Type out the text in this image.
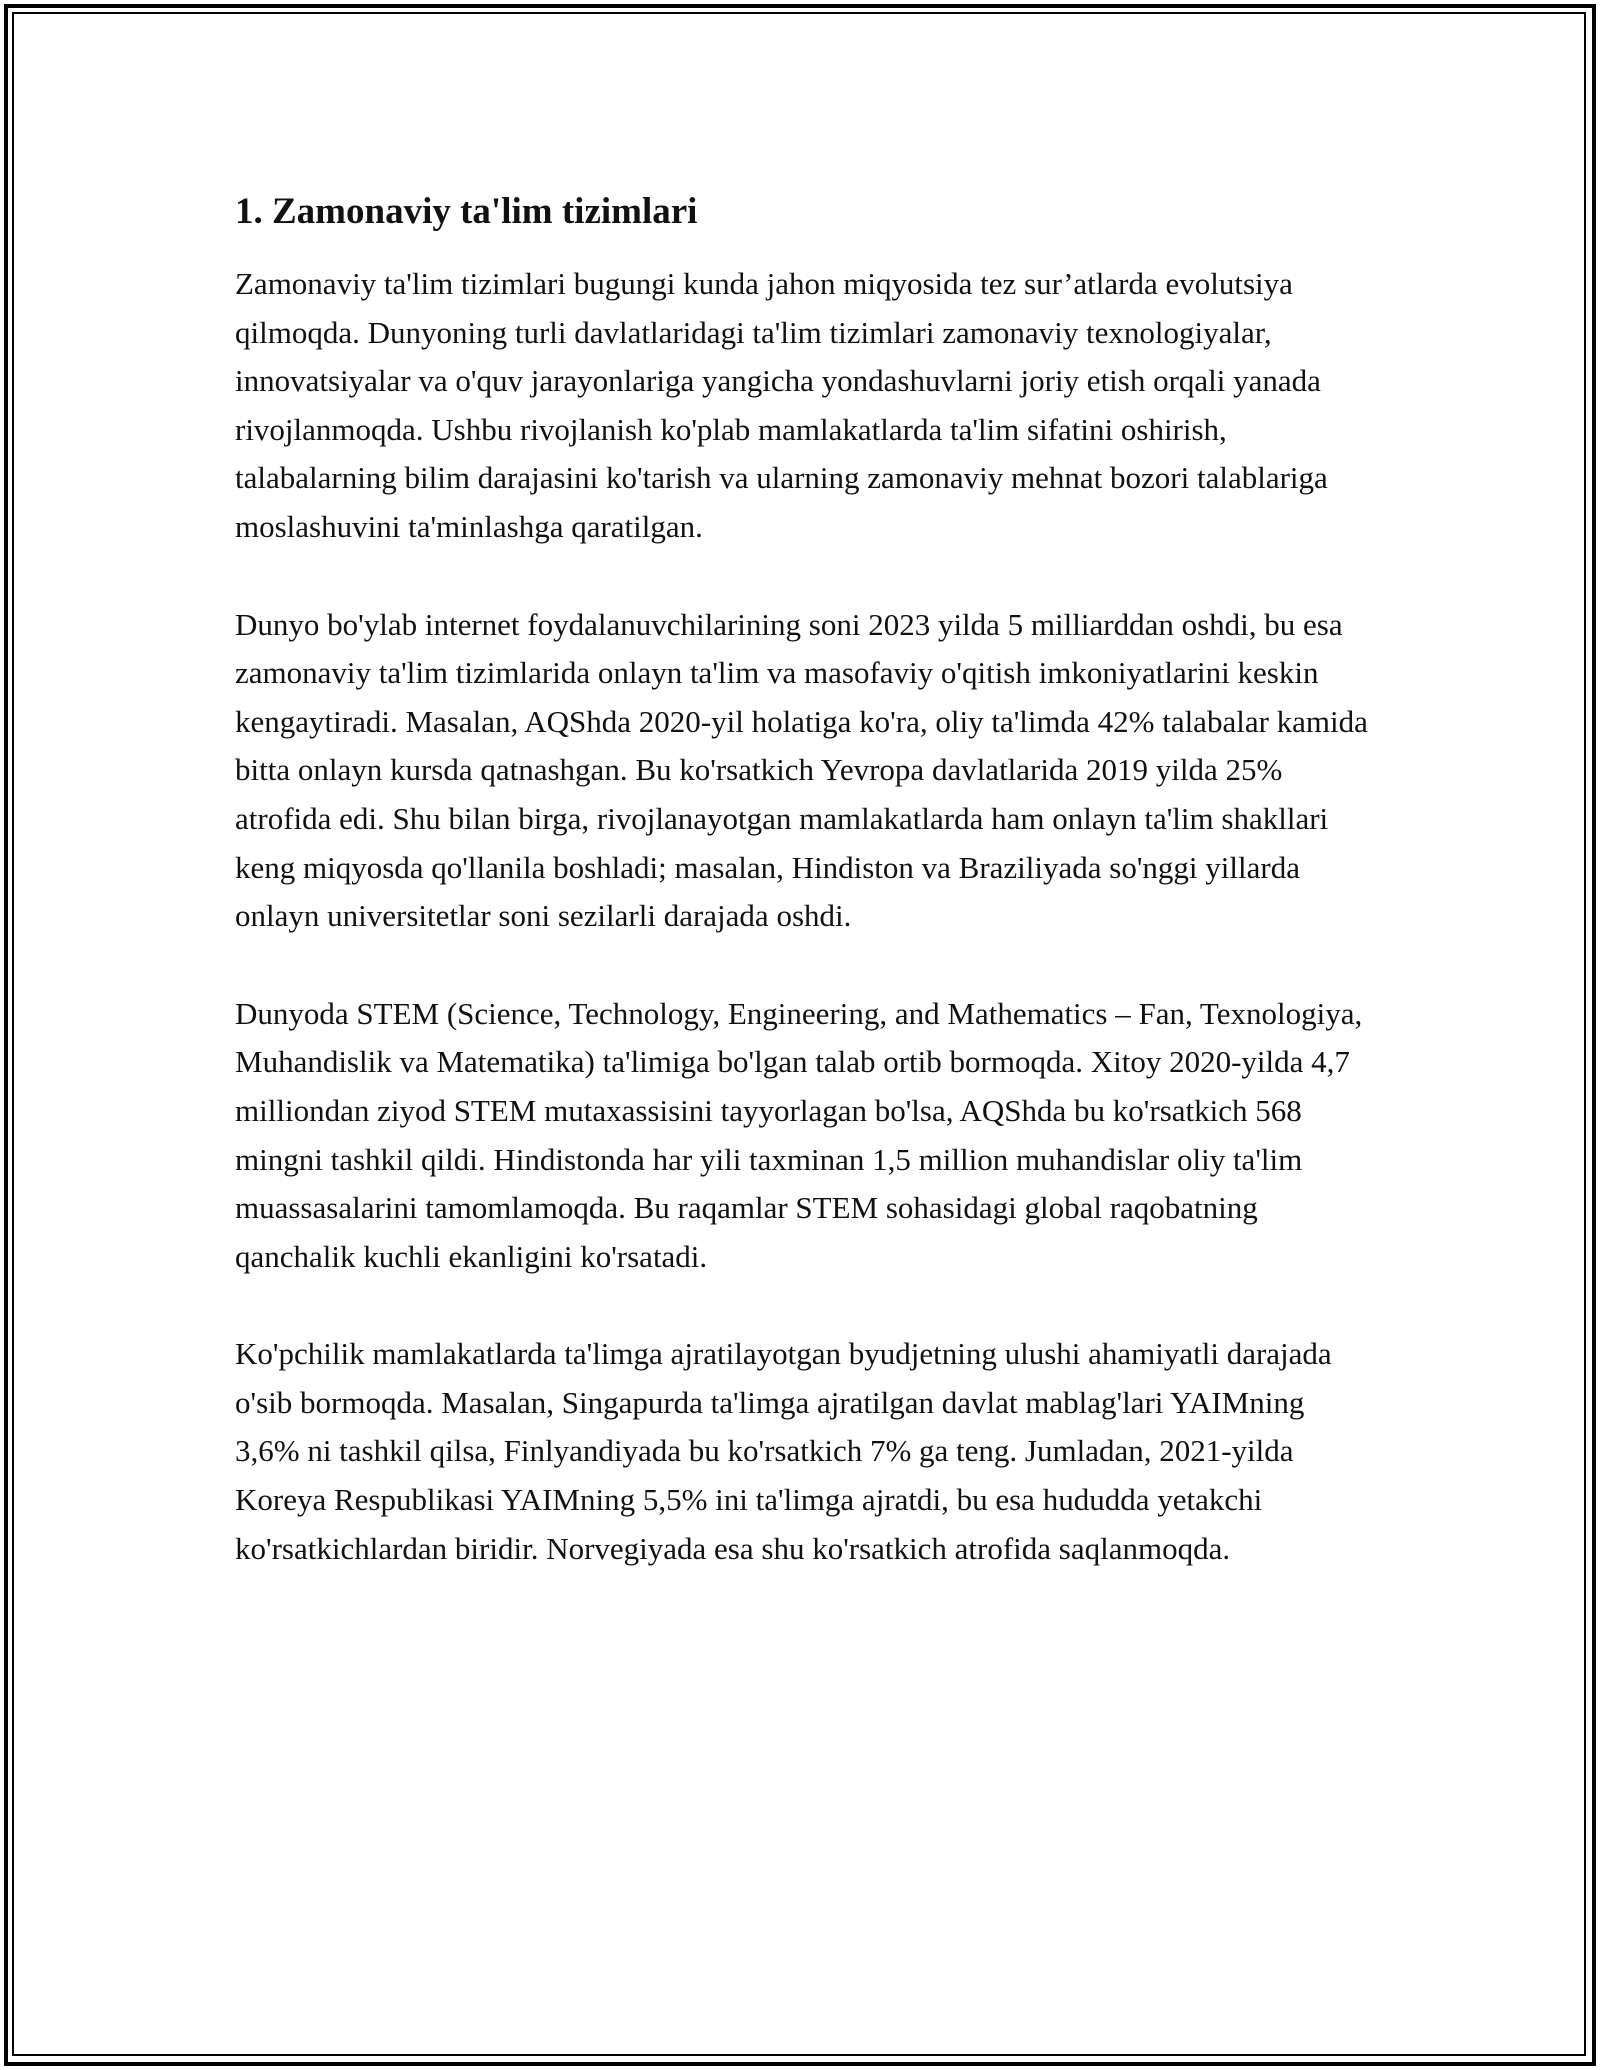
1. Zamonaviy ta'lim tizimlari

Zamonaviy ta'lim tizimlari bugungi kunda jahon miqyosida tez sur’atlarda evolutsiya qilmoqda. Dunyoning turli davlatlaridagi ta'lim tizimlari zamonaviy texnologiyalar, innovatsiyalar va o'quv jarayonlariga yangicha yondashuvlarni joriy etish orqali yanada rivojlanmoqda. Ushbu rivojlanish ko'plab mamlakatlarda ta'lim sifatini oshirish, talabalarning bilim darajasini ko'tarish va ularning zamonaviy mehnat bozori talablariga moslashuvini ta'minlashga qaratilgan.

Dunyo bo'ylab internet foydalanuvchilarining soni 2023 yilda 5 milliarddan oshdi, bu esa zamonaviy ta'lim tizimlarida onlayn ta'lim va masofaviy o'qitish imkoniyatlarini keskin kengaytiradi. Masalan, AQShda 2020-yil holatiga ko'ra, oliy ta'limda 42% talabalar kamida bitta onlayn kursda qatnashgan. Bu ko'rsatkich Yevropa davlatlarida 2019 yilda 25% atrofida edi. Shu bilan birga, rivojlanayotgan mamlakatlarda ham onlayn ta'lim shakllari keng miqyosda qo'llanila boshladi; masalan, Hindiston va Braziliyada so'nggi yillarda onlayn universitetlar soni sezilarli darajada oshdi.

Dunyoda STEM (Science, Technology, Engineering, and Mathematics – Fan, Texnologiya, Muhandislik va Matematika) ta'limiga bo'lgan talab ortib bormoqda. Xitoy 2020-yilda 4,7 milliondan ziyod STEM mutaxassisini tayyorlagan bo'lsa, AQShda bu ko'rsatkich 568 mingni tashkil qildi. Hindistonda har yili taxminan 1,5 million muhandislar oliy ta'lim muassasalarini tamomlamoqda. Bu raqamlar STEM sohasidagi global raqobatning qanchalik kuchli ekanligini ko'rsatadi.

Ko'pchilik mamlakatlarda ta'limga ajratilayotgan byudjetning ulushi ahamiyatli darajada o'sib bormoqda. Masalan, Singapurda ta'limga ajratilgan davlat mablag'lari YAIMning 3,6% ni tashkil qilsa, Finlyandiyada bu ko'rsatkich 7% ga teng. Jumladan, 2021-yilda Koreya Respublikasi YAIMning 5,5% ini ta'limga ajratdi, bu esa hududda yetakchi ko'rsatkichlardan biridir. Norvegiyada esa shu ko'rsatkich atrofida saqlanmoqda.
